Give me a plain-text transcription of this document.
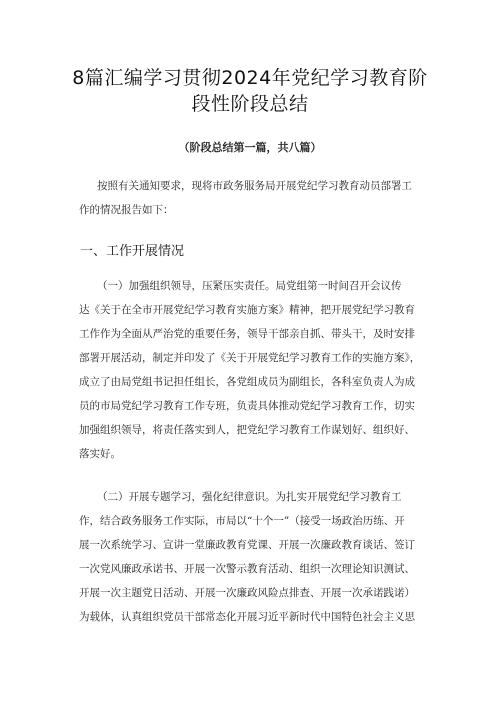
8篇汇编学习贯彻2024年党纪学习教育阶
段性阶段总结
（阶段总结第一篇，共八篇）
按照有关通知要求，现将市政务服务局开展党纪学习教育动员部署工
作的情况报告如下：
一、工作开展情况
（一）加强组织领导，压紧压实责任。局党组第一时间召开会议传
达《关于在全市开展党纪学习教育实施方案》精神，把开展党纪学习教育
工作作为全面从严治党的重要任务，领导干部亲自抓、带头干，及时安排
部署开展活动，制定并印发了《关于开展党纪学习教育工作的实施方案》，
成立了由局党组书记担任组长，各党组成员为副组长，各科室负责人为成
员的市局党纪学习教育工作专班，负责具体推动党纪学习教育工作，切实
加强组织领导，将责任落实到人，把党纪学习教育工作谋划好、组织好、
落实好。
（二）开展专题学习，强化纪律意识。为扎实开展党纪学习教育工
作，结合政务服务工作实际，市局以“十个一”（接受一场政治历练、开
展一次系统学习、宣讲一堂廉政教育党课、开展一次廉政教育谈话、签订
一次党风廉政承诺书、开展一次警示教育活动、组织一次理论知识测试、
开展一次主题党日活动、开展一次廉政风险点排查、开展一次承诺践诺）
为载体，认真组织党员干部常态化开展习近平新时代中国特色社会主义思
